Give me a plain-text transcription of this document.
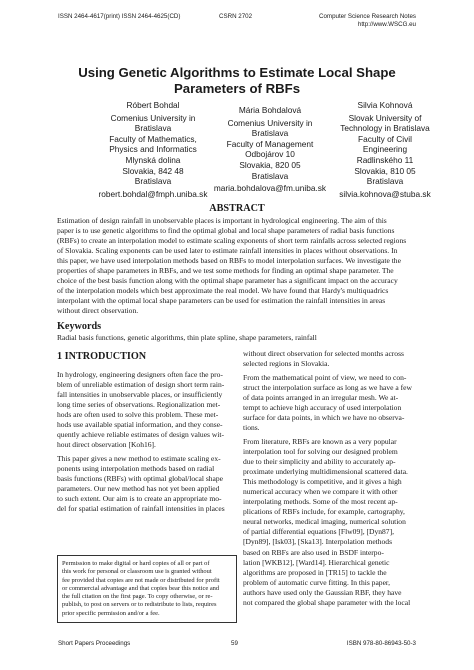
ISSN 2464-4617(print) ISSN 2464-4625(CD)	CSRN 2702	Computer Science Research Notes
http://www.WSCG.eu
Using Genetic Algorithms to Estimate Local Shape
Parameters of RBFs
Róbert Bohdal
Comenius University in
Bratislava
Faculty of Mathematics,
Physics and Informatics
Mlynská dolina
Slovakia, 842 48
Bratislava
robert.bohdal@fmph.uniba.sk
Mária Bohdalová
Comenius University in
Bratislava
Faculty of Management
Odbojárov 10
Slovakia, 820 05
Bratislava
maria.bohdalova@fm.uniba.sk
Silvia Kohnová
Slovak University of
Technology in Bratislava
Faculty of Civil
Engineering
Radlinského 11
Slovakia, 810 05
Bratislava
silvia.kohnova@stuba.sk
ABSTRACT
Estimation of design rainfall in unobservable places is important in hydrological engineering. The aim of this
paper is to use genetic algorithms to find the optimal global and local shape parameters of radial basis functions
(RBFs) to create an interpolation model to estimate scaling exponents of short term rainfalls across selected regions
of Slovakia. Scaling exponents can be used later to estimate rainfall intensities in places without observations. In
this paper, we have used interpolation methods based on RBFs to model interpolation surfaces. We investigate the
properties of shape parameters in RBFs, and we test some methods for finding an optimal shape parameter. The
choice of the best basis function along with the optimal shape parameter has a significant impact on the accuracy
of the interpolation models which best approximate the real model. We have found that Hardy's multiquadrics
interpolant with the optimal local shape parameters can be used for estimation the rainfall intensities in areas
without direct observation.
Keywords
Radial basis functions, genetic algorithms, thin plate spline, shape parameters, rainfall
1 INTRODUCTION
In hydrology, engineering designers often face the pro-
blem of unreliable estimation of design short term rain-
fall intensities in unobservable places, or insufficiently
long time series of observations. Regionalization met-
hods are often used to solve this problem. These met-
hods use available spatial information, and they conse-
quently achieve reliable estimates of design values wit-
hout direct observation [Koh16].
This paper gives a new method to estimate scaling ex-
ponents using interpolation methods based on radial
basis functions (RBFs) with optimal global/local shape
parameters. Our new method has not yet been applied
to such extent. Our aim is to create an appropriate mo-
del for spatial estimation of rainfall intensities in places
Permission to make digital or hard copies of all or part of
this work for personal or classroom use is granted without
fee provided that copies are not made or distributed for profit
or commercial advantage and that copies bear this notice and
the full citation on the first page. To copy otherwise, or re-
publish, to post on servers or to redistribute to lists, requires
prior specific permission and/or a fee.
without direct observation for selected months across
selected regions in Slovakia.
From the mathematical point of view, we need to con-
struct the interpolation surface as long as we have a few
of data points arranged in an irregular mesh. We at-
tempt to achieve high accuracy of used interpolation
surface for data points, in which we have no observa-
tions.
From literature, RBFs are known as a very popular
interpolation tool for solving our designed problem
due to their simplicity and ability to accurately ap-
proximate underlying multidimensional scattered data.
This methodology is competitive, and it gives a high
numerical accuracy when we compare it with other
interpolating methods. Some of the most recent ap-
plications of RBFs include, for example, cartography,
neural networks, medical imaging, numerical solution
of partial differential equations [Flw09], [Dyn87],
[Dyn89], [Isk03], [Ska13]. Interpolation methods
based on RBFs are also used in BSDF interpo-
lation [WKB12], [Ward14]. Hierarchical genetic
algorithms are proposed in [TR15] to tackle the
problem of automatic curve fitting. In this paper,
authors have used only the Gaussian RBF, they have
not compared the global shape parameter with the local
Short Papers Proceedings	59	ISBN 978-80-86943-50-3
